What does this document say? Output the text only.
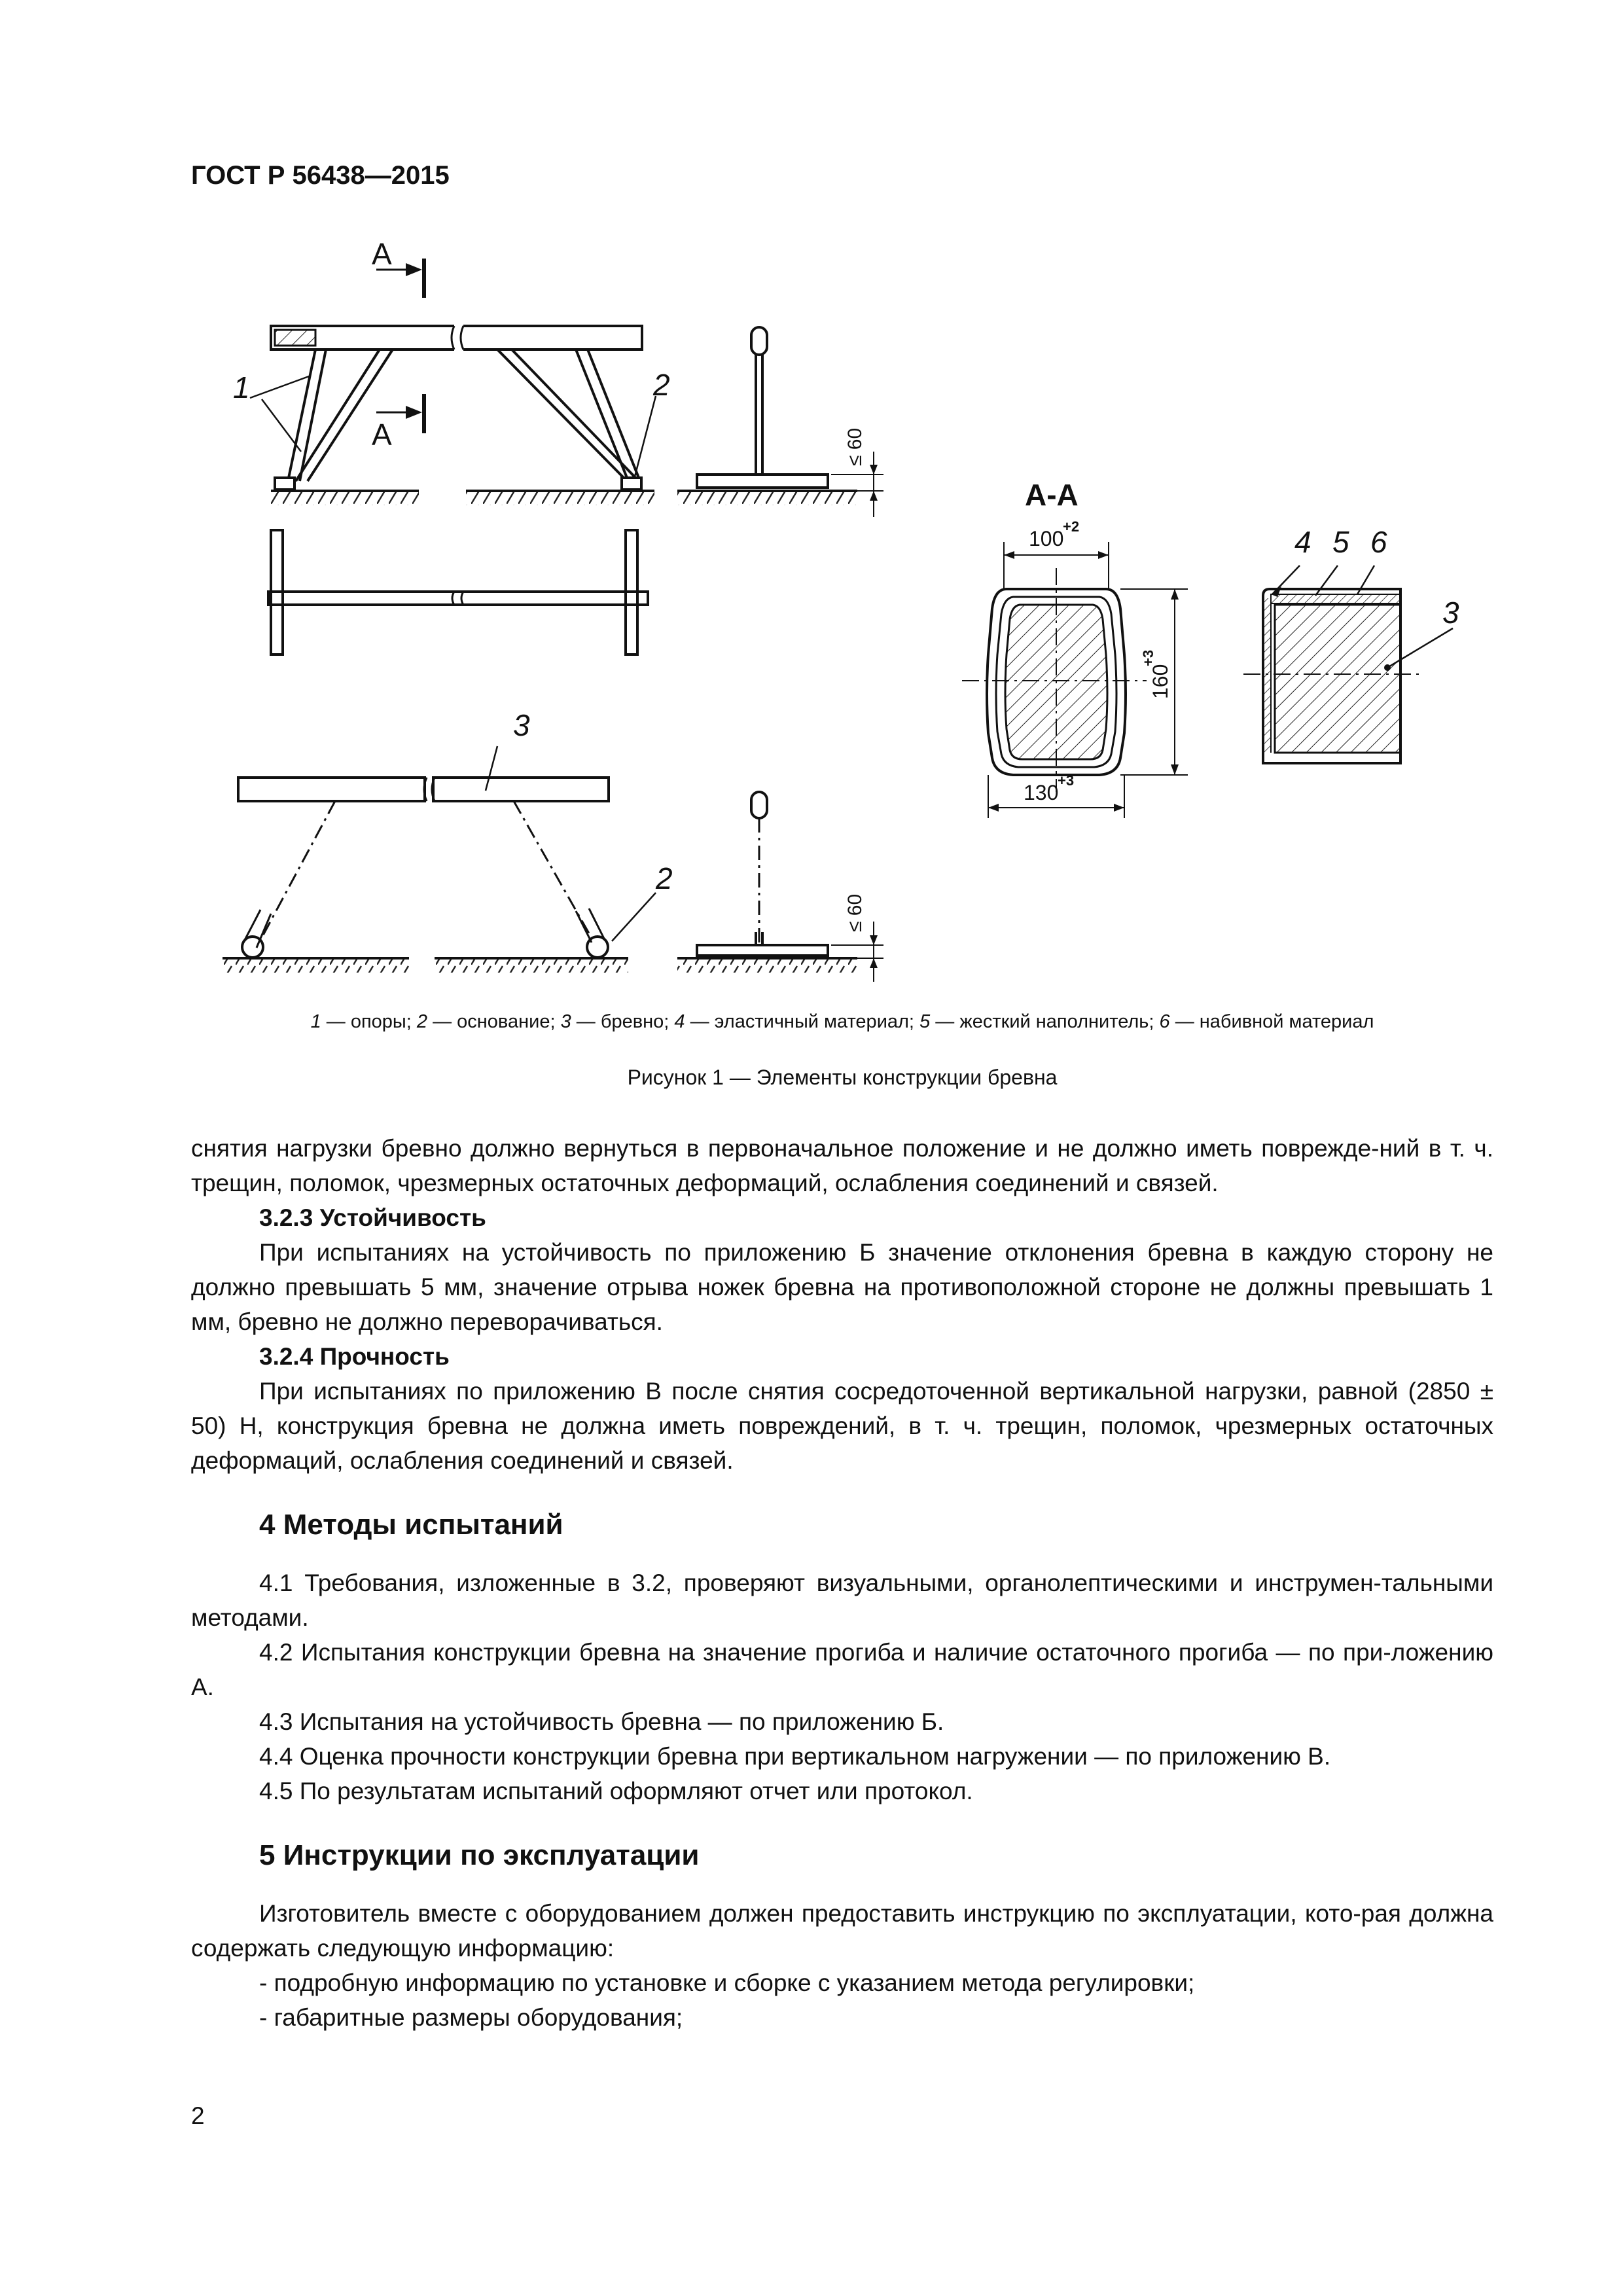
ГОСТ Р 56438—2015
А
А
1	2
3
2
≤ 60
≤ 60
А-А
100
+2
130
+3
160
+3
4 5 6
3
1 — опоры; 2 — основание; 3 — бревно; 4 — эластичный материал; 5 — жесткий наполнитель; 6 — набивной материал
Рисунок 1 — Элементы конструкции бревна

снятия нагрузки бревно должно вернуться в первоначальное положение и не должно иметь поврежде-ний в т. ч. трещин, поломок, чрезмерных остаточных деформаций, ослабления соединений и связей.

3.2.3 Устойчивость

При испытаниях на устойчивость по приложению Б значение отклонения бревна в каждую сторону не должно превышать 5 мм, значение отрыва ножек бревна на противоположной стороне не должны превышать 1 мм, бревно не должно переворачиваться.

3.2.4 Прочность

При испытаниях по приложению В после снятия сосредоточенной вертикальной нагрузки, равной (2850 ± 50) Н, конструкция бревна не должна иметь повреждений, в т. ч. трещин, поломок, чрезмерных остаточных деформаций, ослабления соединений и связей.

4 Методы испытаний

4.1 Требования, изложенные в 3.2, проверяют визуальными, органолептическими и инструмен-тальными методами.

4.2 Испытания конструкции бревна на значение прогиба и наличие остаточного прогиба — по при-ложению А.

4.3 Испытания на устойчивость бревна — по приложению Б.

4.4 Оценка прочности конструкции бревна при вертикальном нагружении — по приложению В.

4.5 По результатам испытаний оформляют отчет или протокол.

5 Инструкции по эксплуатации

Изготовитель вместе с оборудованием должен предоставить инструкцию по эксплуатации, кото-рая должна содержать следующую информацию:

- подробную информацию по установке и сборке с указанием метода регулировки;

- габаритные размеры оборудования;

2
